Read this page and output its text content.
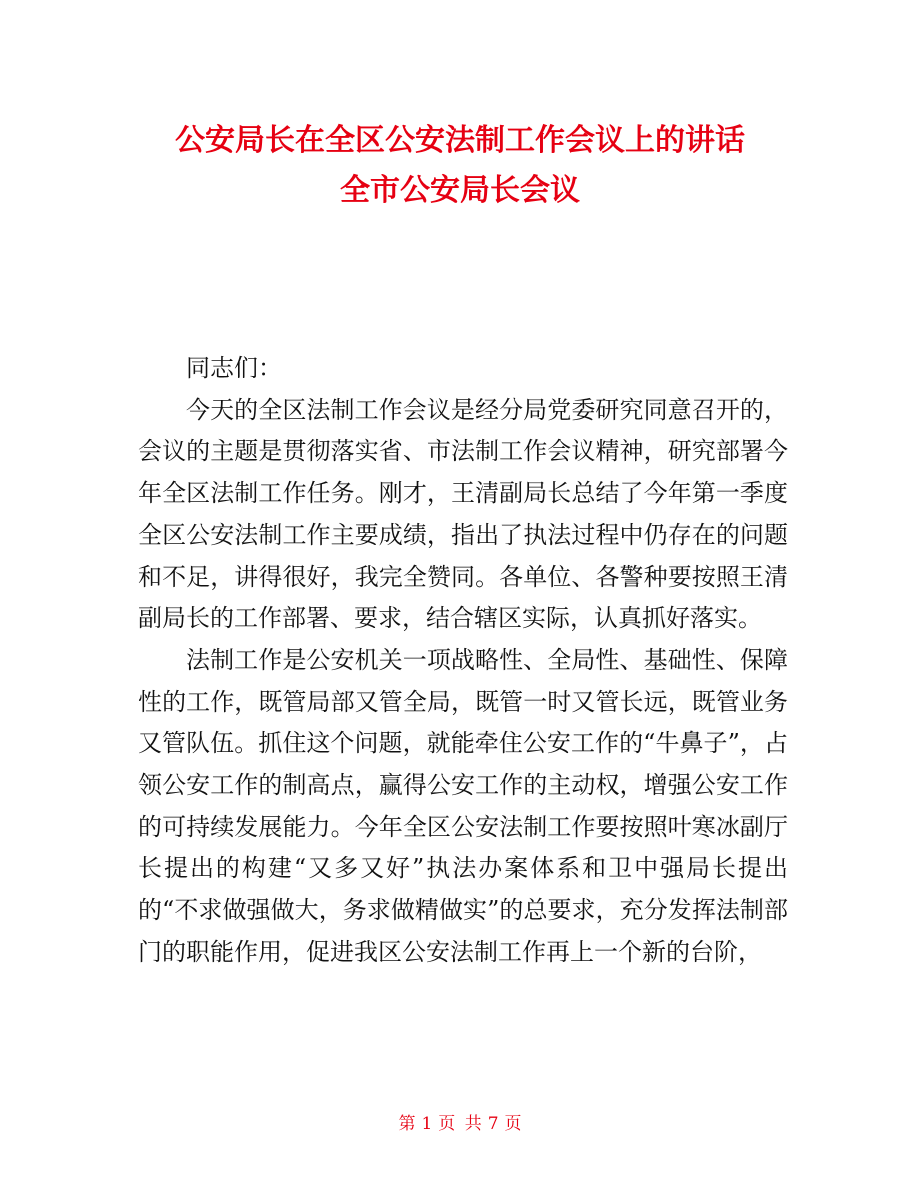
公安局长在全区公安法制工作会议上的讲话
全市公安局长会议

同志们：

今天的全区法制工作会议是经分局党委研究同意召开的，会议的主题是贯彻落实省、市法制工作会议精神，研究部署今年全区法制工作任务。刚才，王清副局长总结了今年第一季度全区公安法制工作主要成绩，指出了执法过程中仍存在的问题和不足，讲得很好，我完全赞同。各单位、各警种要按照王清副局长的工作部署、要求，结合辖区实际，认真抓好落实。

法制工作是公安机关一项战略性、全局性、基础性、保障性的工作，既管局部又管全局，既管一时又管长远，既管业务又管队伍。抓住这个问题，就能牵住公安工作的“牛鼻子”，占领公安工作的制高点，赢得公安工作的主动权，增强公安工作的可持续发展能力。今年全区公安法制工作要按照叶寒冰副厅长提出的构建“又多又好”执法办案体系和卫中强局长提出的“不求做强做大，务求做精做实”的总要求，充分发挥法制部门的职能作用，促进我区公安法制工作再上一个新的台阶，

第 1 页 共 7 页
